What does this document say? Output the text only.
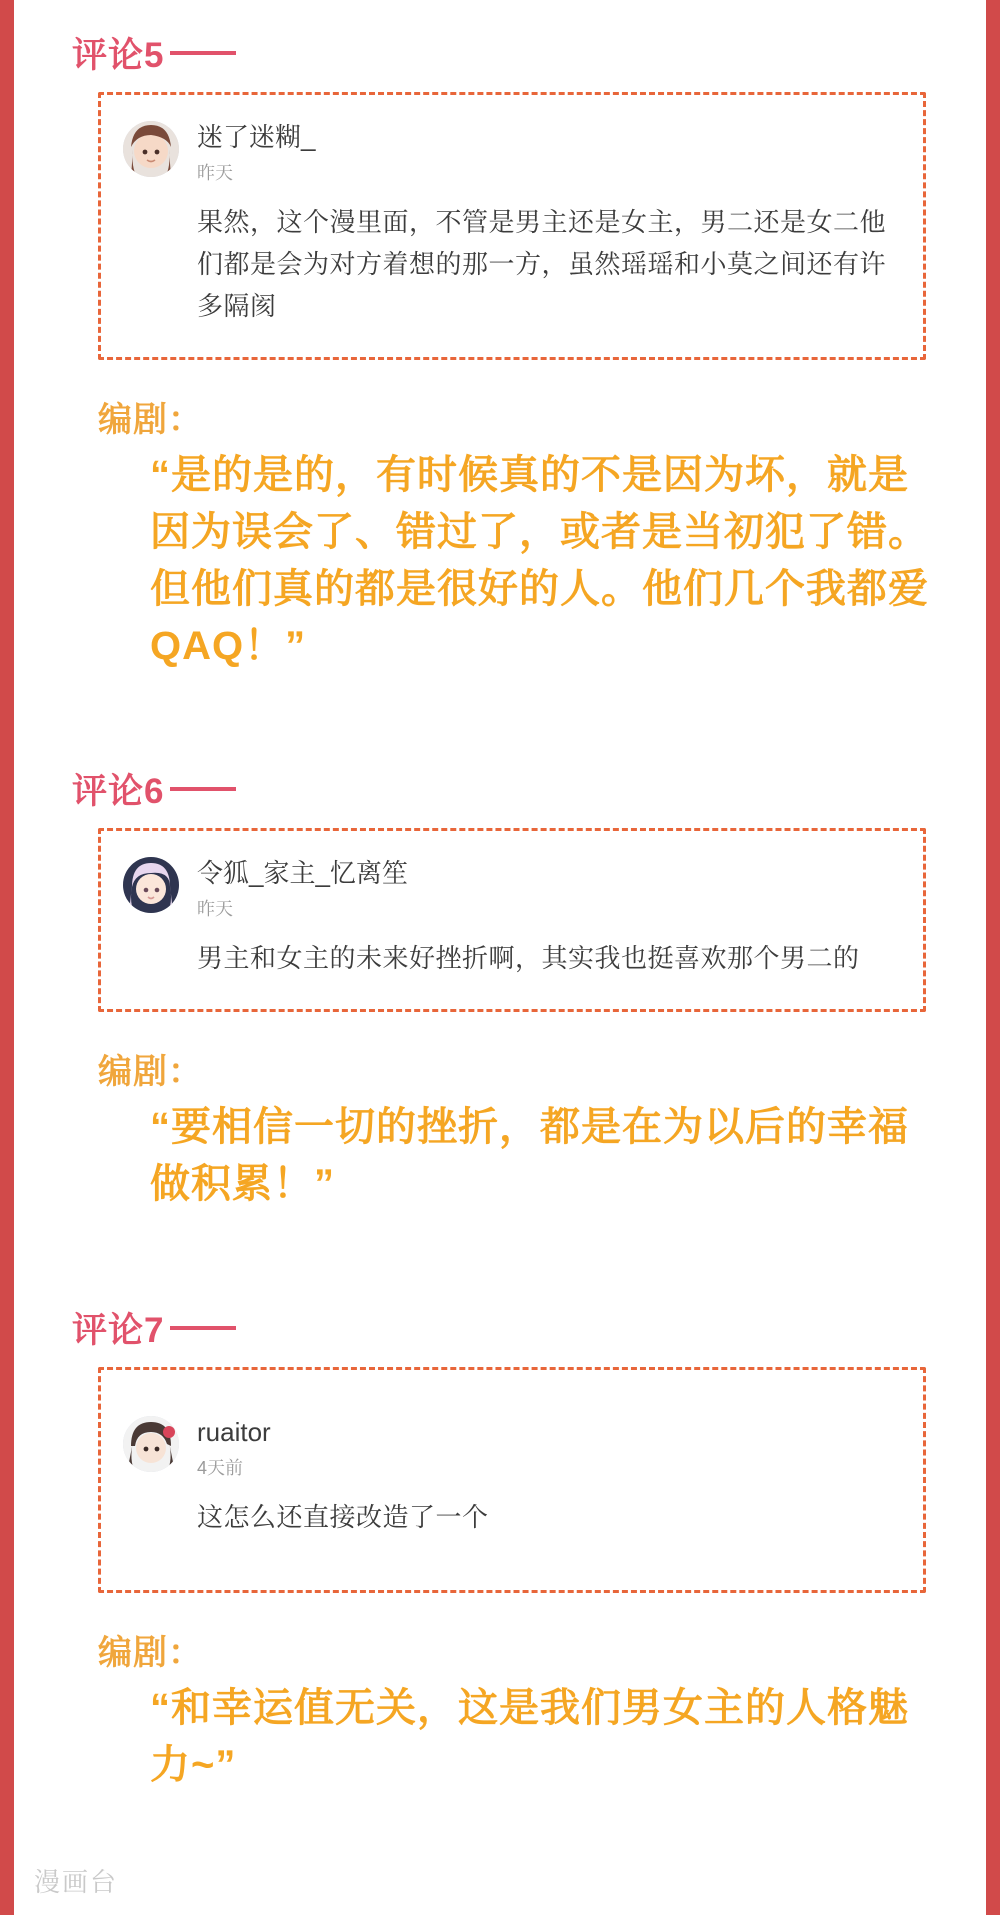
评论5
迷了迷糊_
昨天
果然，这个漫里面，不管是男主还是女主，男二还是女二他们都是会为对方着想的那一方，虽然瑶瑶和小莫之间还有许多隔阂
编剧：
“是的是的，有时候真的不是因为坏，就是因为误会了、错过了，或者是当初犯了错。但他们真的都是很好的人。他们几个我都爱QAQ！”
评论6
令狐_家主_忆离笙
昨天
男主和女主的未来好挫折啊，其实我也挺喜欢那个男二的
编剧：
“要相信一切的挫折，都是在为以后的幸福做积累！”
评论7
ruaitor
4天前
这怎么还直接改造了一个
编剧：
“和幸运值无关，这是我们男女主的人格魅力~”
漫画台
